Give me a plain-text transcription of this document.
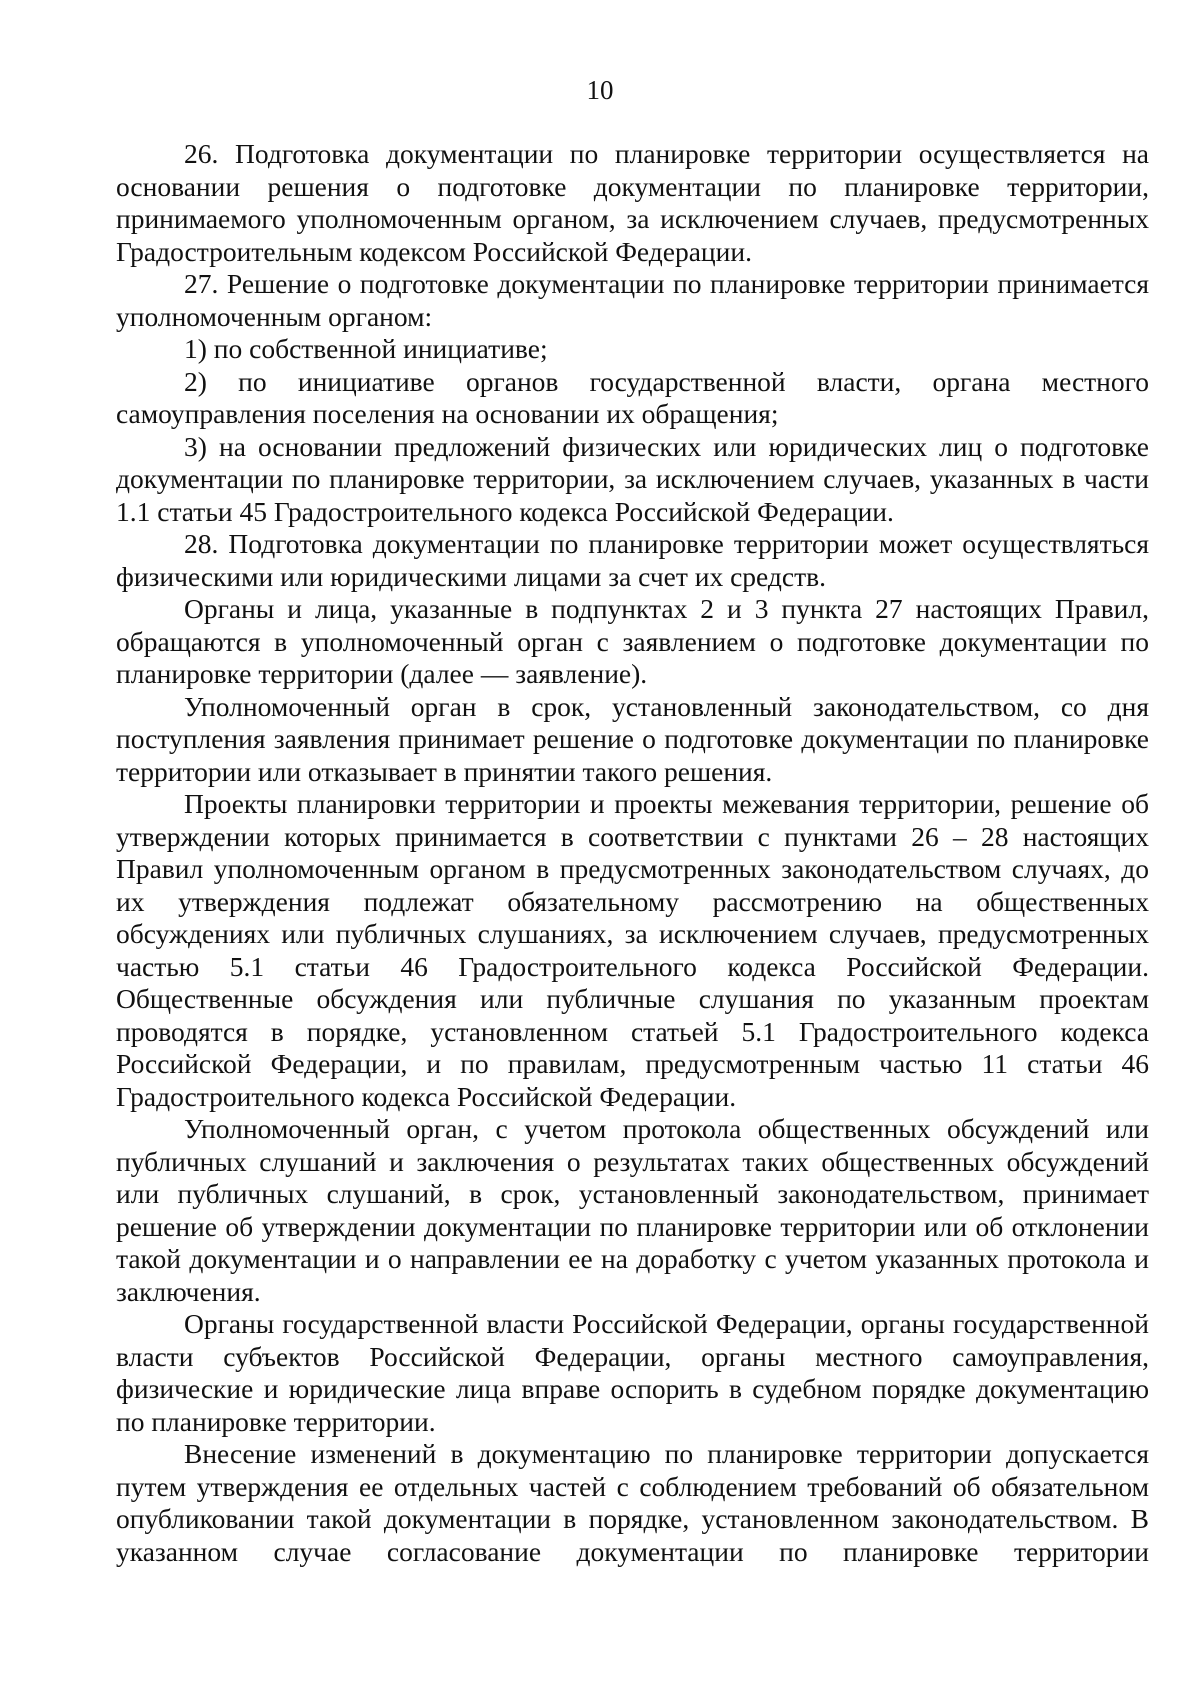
10

26. Подготовка документации по планировке территории осуществляется на основании решения о подготовке документации по планировке территории, принимаемого уполномоченным органом, за исключением случаев, предусмотренных Градостроительным кодексом Российской Федерации.

27. Решение о подготовке документации по планировке территории принимается уполномоченным органом:

1) по собственной инициативе;

2) по инициативе органов государственной власти, органа местного самоуправления поселения на основании их обращения;

3) на основании предложений физических или юридических лиц о подготовке документации по планировке территории, за исключением случаев, указанных в части 1.1 статьи 45 Градостроительного кодекса Российской Федерации.

28. Подготовка документации по планировке территории может осуществляться физическими или юридическими лицами за счет их средств.

Органы и лица, указанные в подпунктах 2 и 3 пункта 27 настоящих Правил, обращаются в уполномоченный орган с заявлением о подготовке документации по планировке территории (далее — заявление).

Уполномоченный орган в срок, установленный законодательством, со дня поступления заявления принимает решение о подготовке документации по планировке территории или отказывает в принятии такого решения.

Проекты планировки территории и проекты межевания территории, решение об утверждении которых принимается в соответствии с пунктами 26 – 28 настоящих Правил уполномоченным органом в предусмотренных законодательством случаях, до их утверждения подлежат обязательному рассмотрению на общественных обсуждениях или публичных слушаниях, за исключением случаев, предусмотренных частью 5.1 статьи 46 Градостроительного кодекса Российской Федерации. Общественные обсуждения или публичные слушания по указанным проектам проводятся в порядке, установленном статьей 5.1 Градостроительного кодекса Российской Федерации, и по правилам, предусмотренным частью 11 статьи 46 Градостроительного кодекса Российской Федерации.

Уполномоченный орган, с учетом протокола общественных обсуждений или публичных слушаний и заключения о результатах таких общественных обсуждений или публичных слушаний, в срок, установленный законодательством, принимает решение об утверждении документации по планировке территории или об отклонении такой документации и о направлении ее на доработку с учетом указанных протокола и заключения.

Органы государственной власти Российской Федерации, органы государственной власти субъектов Российской Федерации, органы местного самоуправления, физические и юридические лица вправе оспорить в судебном порядке документацию по планировке территории.

Внесение изменений в документацию по планировке территории допускается путем утверждения ее отдельных частей с соблюдением требований об обязательном опубликовании такой документации в порядке, установленном законодательством. В указанном случае согласование документации по планировке территории
